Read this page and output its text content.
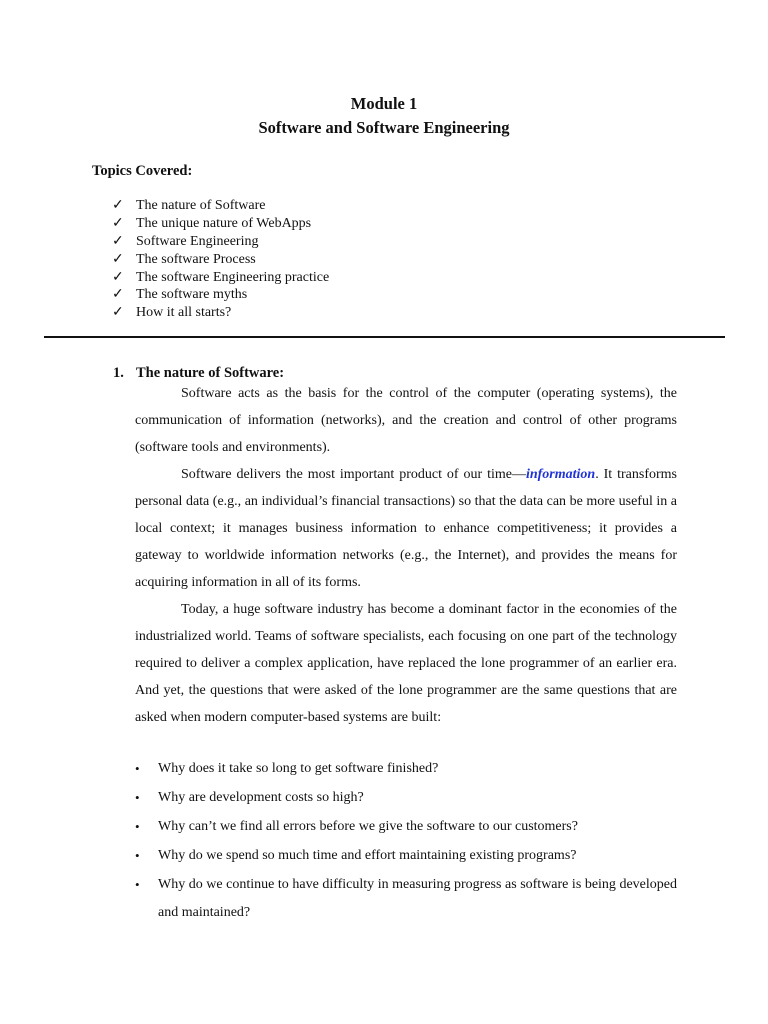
Module 1
Software and Software Engineering
Topics Covered:
✓ The nature of Software
✓ The unique nature of WebApps
✓ Software Engineering
✓ The software Process
✓ The software Engineering practice
✓ The software myths
✓ How it all starts?
1. The nature of Software:

Software acts as the basis for the control of the computer (operating systems), the communication of information (networks), and the creation and control of other programs (software tools and environments).

Software delivers the most important product of our time—information. It transforms personal data (e.g., an individual’s financial transactions) so that the data can be more useful in a local context; it manages business information to enhance competitiveness; it provides a gateway to worldwide information networks (e.g., the Internet), and provides the means for acquiring information in all of its forms.

Today, a huge software industry has become a dominant factor in the economies of the industrialized world. Teams of software specialists, each focusing on one part of the technology required to deliver a complex application, have replaced the lone programmer of an earlier era. And yet, the questions that were asked of the lone programmer are the same questions that are asked when modern computer-based systems are built:

• Why does it take so long to get software finished?
• Why are development costs so high?
• Why can’t we find all errors before we give the software to our customers?
• Why do we spend so much time and effort maintaining existing programs?
• Why do we continue to have difficulty in measuring progress as software is being developed and maintained?
